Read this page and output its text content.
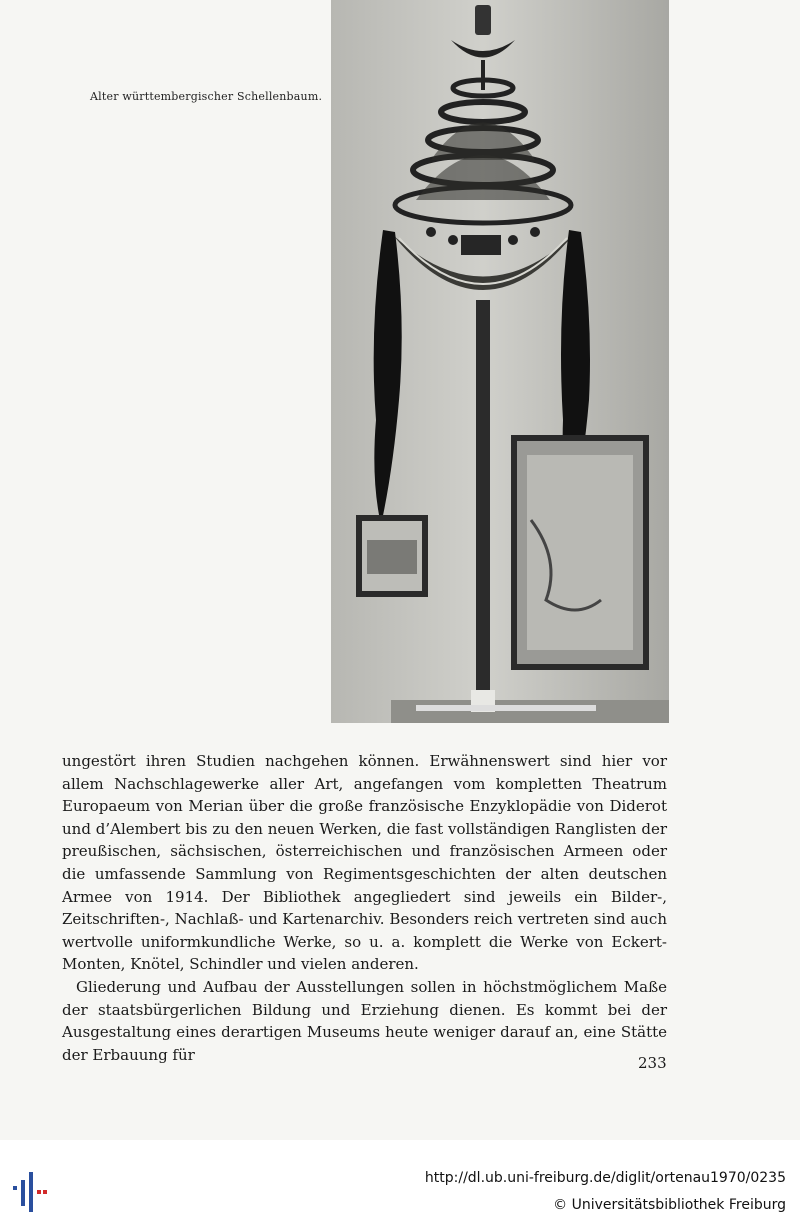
Alter württembergischer Schellenbaum.

ungestört ihren Studien nachgehen können. Erwähnenswert sind hier vor allem Nachschlagewerke aller Art, angefangen vom kompletten Theatrum Europaeum von Merian über die große französische Enzyklopädie von Diderot und d’Alembert bis zu den neuen Werken, die fast vollständigen Ranglisten der preußischen, sächsischen, österreichischen und französischen Armeen oder die umfassende Sammlung von Regimentsgeschichten der alten deutschen Armee von 1914. Der Bibliothek angegliedert sind jeweils ein Bilder-, Zeitschriften-, Nachlaß- und Kartenarchiv. Besonders reich vertreten sind auch wertvolle uniformkundliche Werke, so u. a. komplett die Werke von Eckert-Monten, Knötel, Schindler und vielen anderen.

Gliederung und Aufbau der Ausstellungen sollen in höchstmöglichem Maße der staatsbürgerlichen Bildung und Erziehung dienen. Es kommt bei der Ausgestaltung eines derartigen Museums heute weniger darauf an, eine Stätte der Erbauung für	233
http://dl.ub.uni-freiburg.de/diglit/ortenau1970/0235
© Universitätsbibliothek Freiburg
